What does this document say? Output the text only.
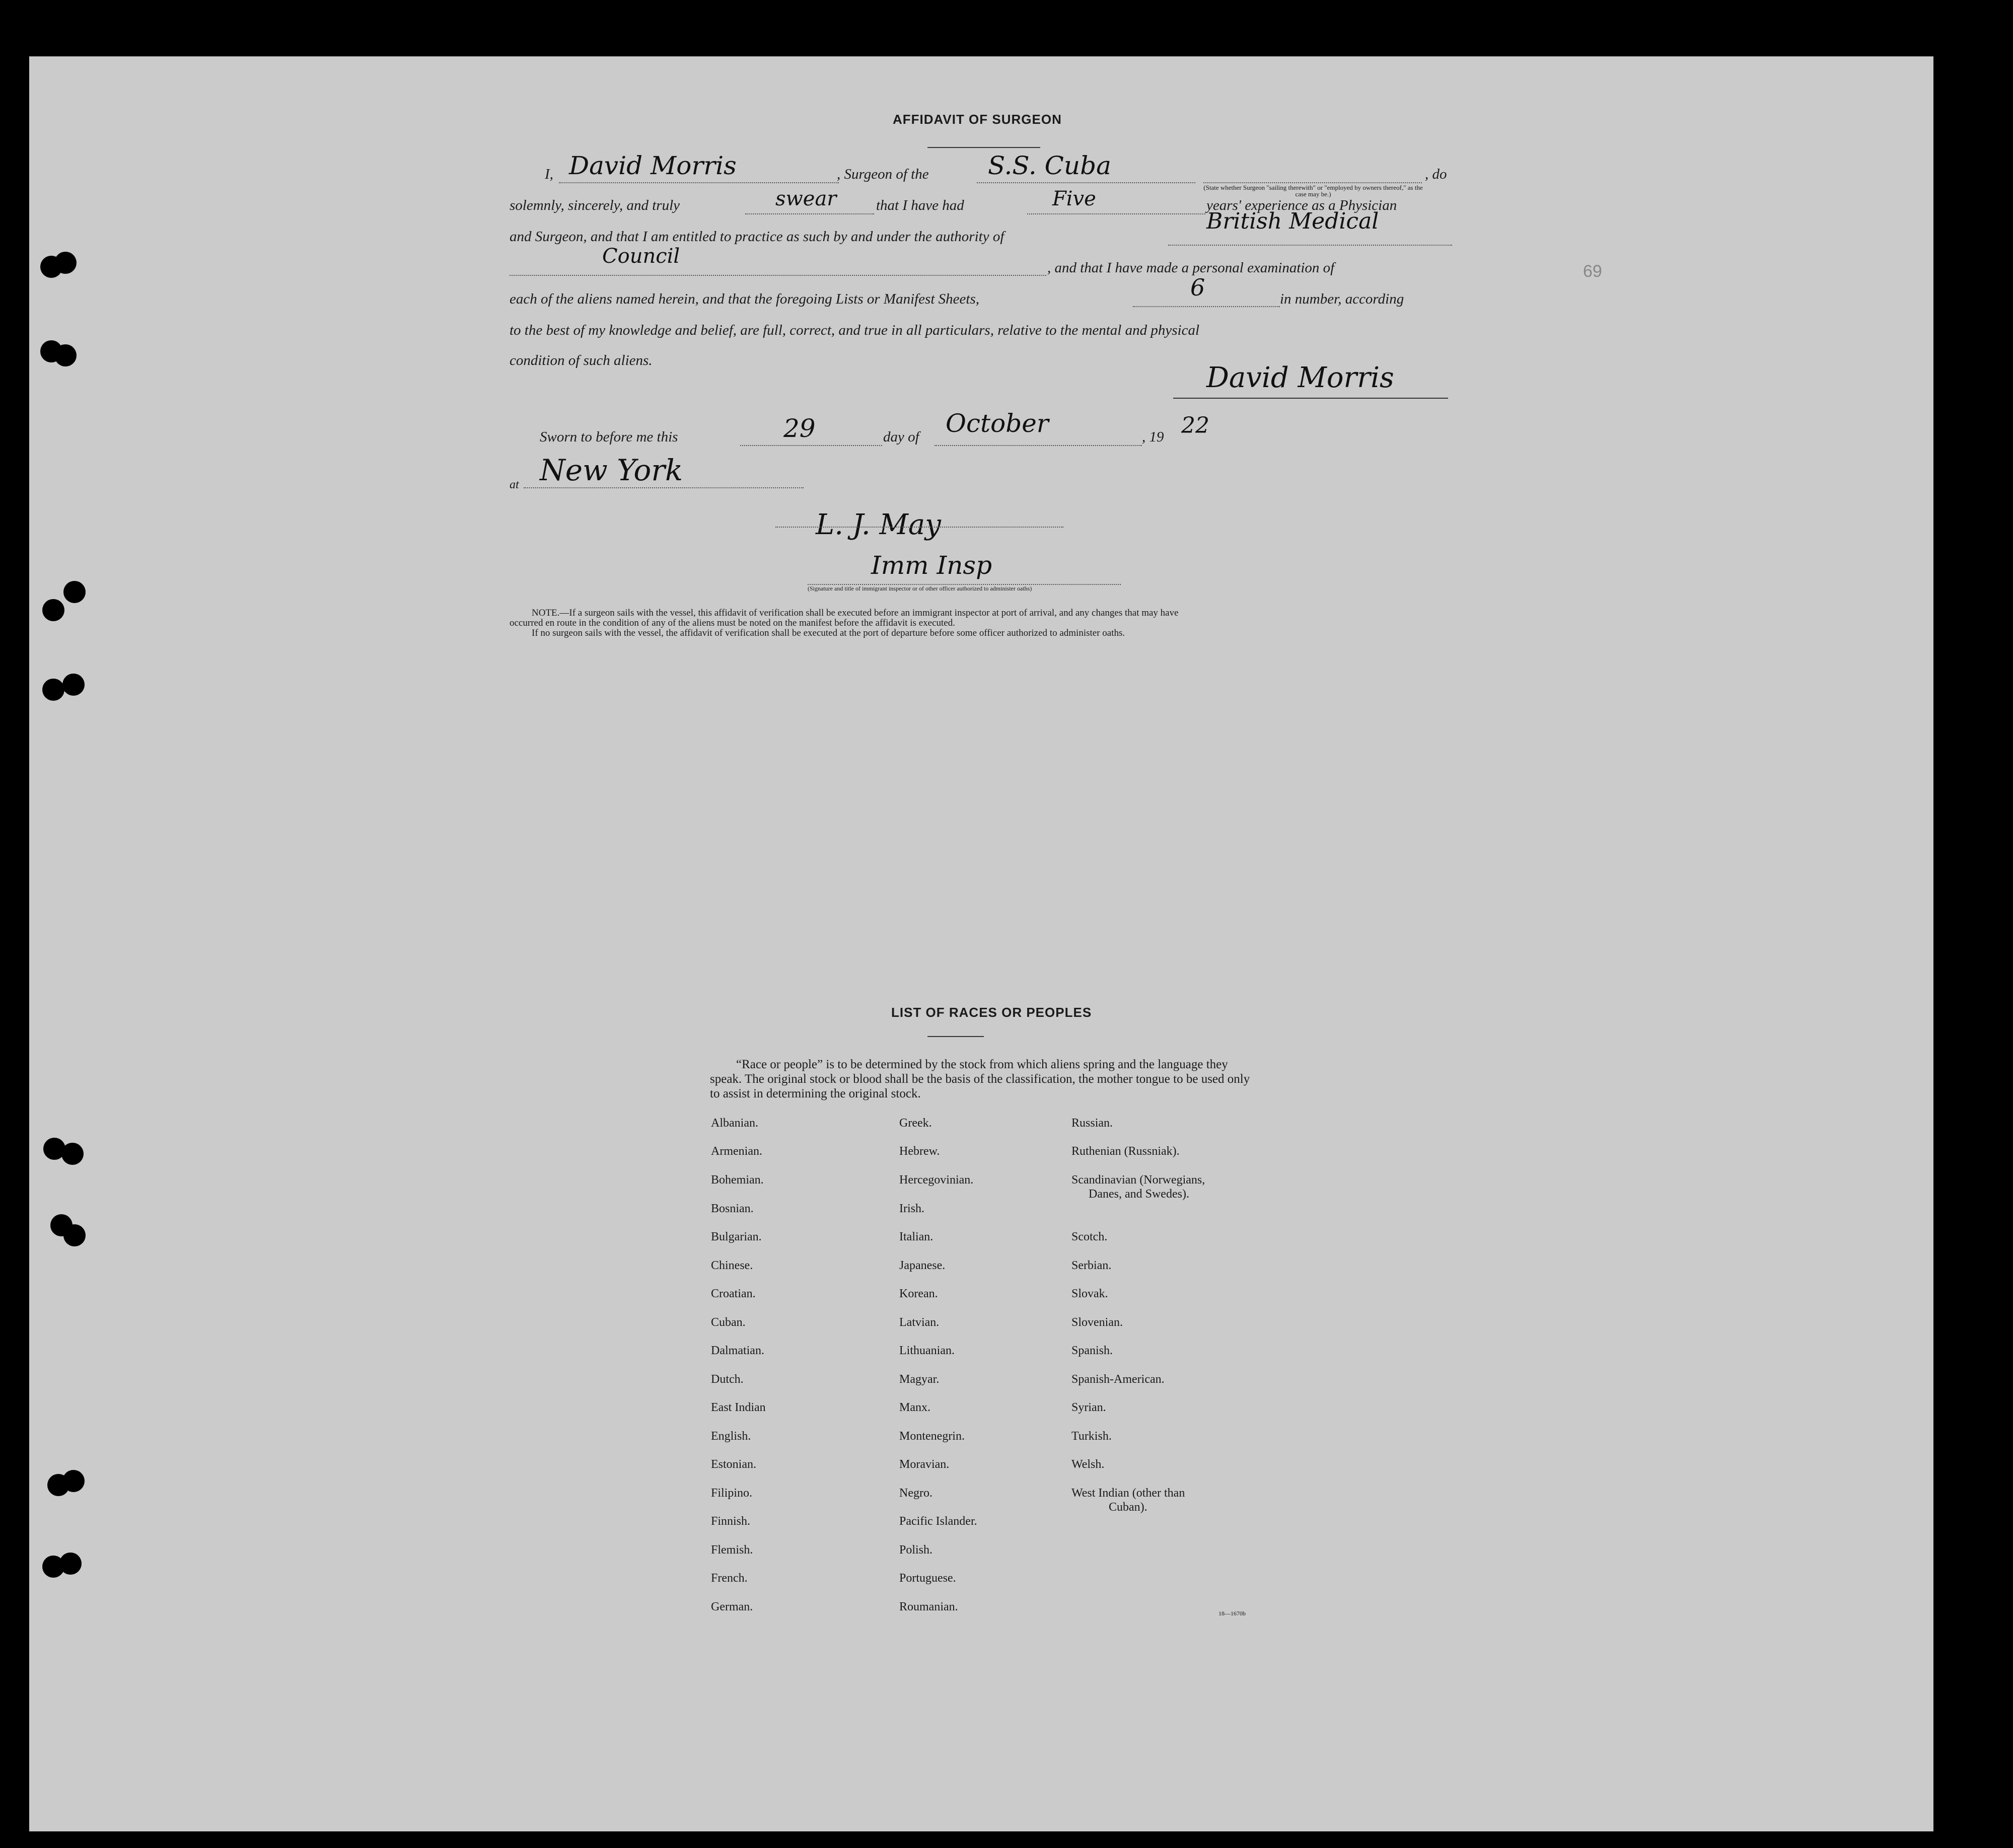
69
AFFIDAVIT OF SURGEON
I, David Morris	, Surgeon of the S.S. Cuba
(State whether Surgeon "sailing therewith" or "employed by owners thereof," as the case may be.)
, do
solemnly, sincerely, and truly	swear	that I have had	Five	years' experience as a Physician
and Surgeon, and that I am entitled to practice as such by and under the authority of
British Medical
Council	, and that I have made a personal examination of
each of the aliens named herein, and that the foregoing Lists or Manifest Sheets,	6	in number, according
to the best of my knowledge and belief, are full, correct, and true in all particulars, relative to the mental and physical
condition of such aliens.
David Morris
Sworn to before me this	29	day of October	, 19 22
at New York
L. J. May
Imm Insp
(Signature and title of immigrant inspector or of other officer authorized to administer oaths)
NOTE.—If a surgeon sails with the vessel, this affidavit of verification shall be executed before an immigrant inspector at port of arrival, and any changes that may have
occurred en route in the condition of any of the aliens must be noted on the manifest before the affidavit is executed.
If no surgeon sails with the vessel, the affidavit of verification shall be executed at the port of departure before some officer authorized to administer oaths.
LIST OF RACES OR PEOPLES
“Race or people” is to be determined by the stock from which aliens spring and the language they speak. The original stock or blood shall be the basis of the classification, the mother tongue to be used only to assist in determining the original stock.
Albanian.
Armenian.
Bohemian.
Bosnian.
Bulgarian.
Chinese.
Croatian.
Cuban.
Dalmatian.
Dutch.
East Indian
English.
Estonian.
Filipino.
Finnish.
Flemish.
French.
German.
Greek.
Hebrew.
Hercegovinian.
Irish.
Italian.
Japanese.
Korean.
Latvian.
Lithuanian.
Magyar.
Manx.
Montenegrin.
Moravian.
Negro.
Pacific Islander.
Polish.
Portuguese.
Roumanian.
Russian.
Ruthenian (Russniak).
Scandinavian (Norwegians,
Danes, and Swedes).
Scotch.
Serbian.
Slovak.
Slovenian.
Spanish.
Spanish-American.
Syrian.
Turkish.
Welsh.
West Indian (other than
Cuban).
18—1670b
